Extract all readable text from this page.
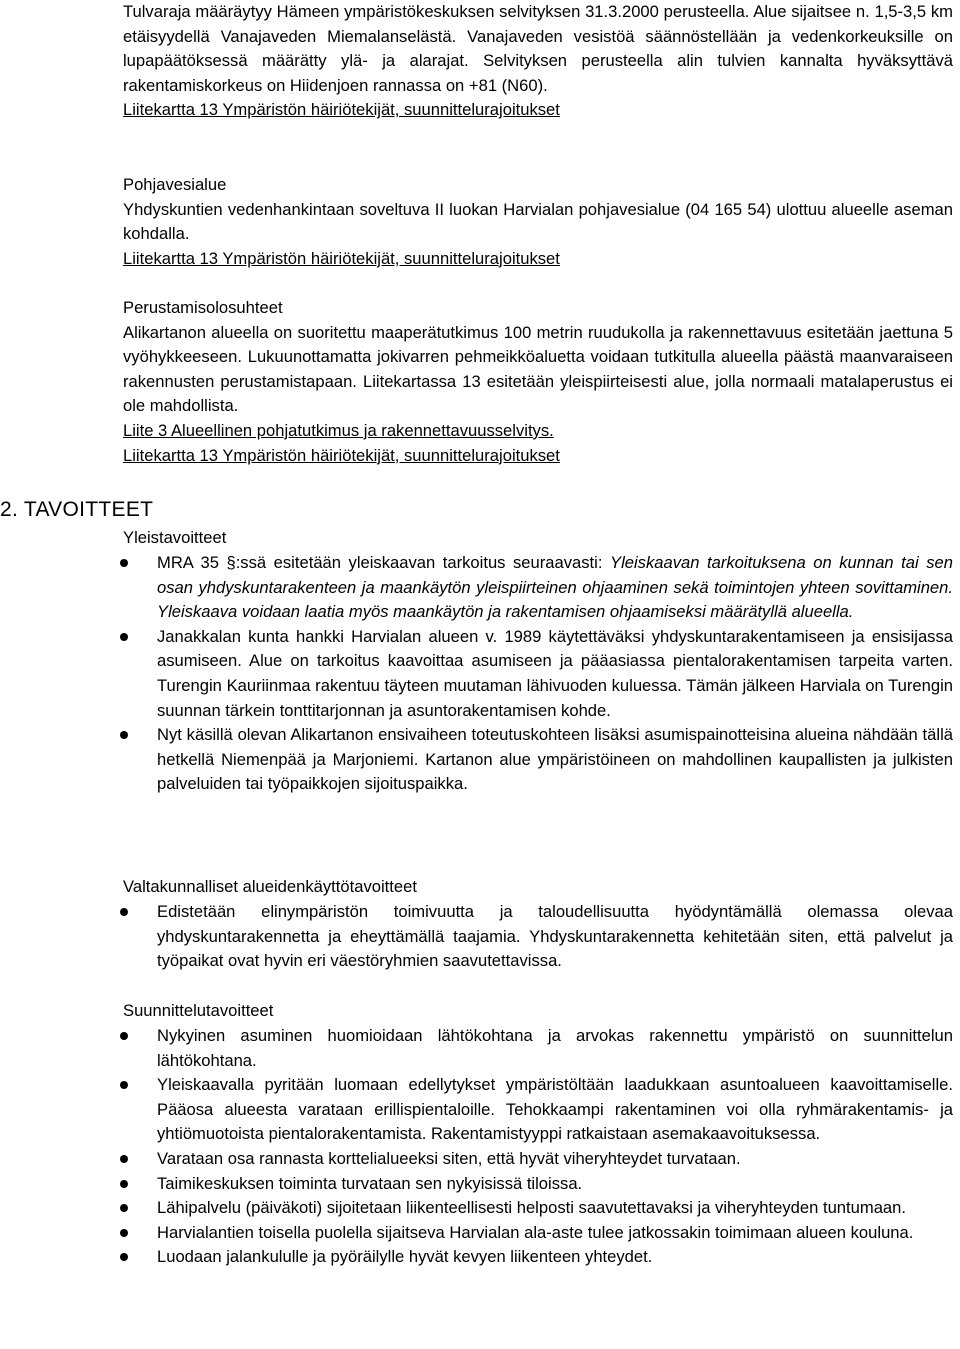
Tulvaraja määräytyy Hämeen ympäristökeskuksen selvityksen 31.3.2000 perusteella. Alue sijaitsee n. 1,5-3,5 km etäisyydellä Vanajaveden Miemalanselästä. Vanajaveden vesistöä säännöstellään ja vedenkorkeuksille on lupapäätöksessä määrätty ylä- ja alarajat. Selvityksen perusteella alin tulvien kannalta hyväksyttävä rakentamiskorkeus on Hiidenjoen rannassa on +81 (N60).

Liitekartta 13 Ympäristön häiriötekijät, suunnittelurajoitukset

Pohjavesialue

Yhdyskuntien vedenhankintaan soveltuva II luokan Harvialan pohjavesialue (04 165 54) ulottuu alueelle aseman kohdalla.

Liitekartta 13 Ympäristön häiriötekijät, suunnittelurajoitukset

Perustamisolosuhteet

Alikartanon alueella on suoritettu maaperätutkimus 100 metrin ruudukolla ja rakennettavuus esitetään jaettuna 5 vyöhykkeeseen. Lukuunottamatta jokivarren pehmeikköaluetta voidaan tutkitulla alueella päästä maanvaraiseen rakennusten perustamistapaan. Liitekartassa 13 esitetään yleispiirteisesti alue, jolla normaali matalaperustus ei ole mahdollista.

Liite 3 Alueellinen pohjatutkimus ja rakennettavuusselvitys.

Liitekartta 13 Ympäristön häiriötekijät, suunnittelurajoitukset

2. TAVOITTEET
Yleistavoitteet
MRA 35 §:ssä esitetään yleiskaavan tarkoitus seuraavasti: Yleiskaavan tarkoituksena on kunnan tai sen osan yhdyskuntarakenteen ja maankäytön yleispiirteinen ohjaaminen sekä toimintojen yhteen sovittaminen. Yleiskaava voidaan laatia myös maankäytön ja rakentamisen ohjaamiseksi määrätyllä alueella.
Janakkalan kunta hankki Harvialan alueen v. 1989 käytettäväksi yhdyskuntarakentamiseen ja ensisijassa asumiseen. Alue on tarkoitus kaavoittaa asumiseen ja pääasiassa pientalorakentamisen tarpeita varten. Turengin Kauriinmaa rakentuu täyteen muutaman lähivuoden kuluessa. Tämän jälkeen Harviala on Turengin suunnan tärkein tonttitarjonnan ja asuntorakentamisen kohde.
Nyt käsillä olevan Alikartanon ensivaiheen toteutuskohteen lisäksi asumispainotteisina alueina nähdään tällä hetkellä Niemenpää ja Marjoniemi. Kartanon alue ympäristöineen on mahdollinen kaupallisten ja julkisten palveluiden tai työpaikkojen sijoituspaikka.
Valtakunnalliset alueidenkäyttötavoitteet
Edistetään elinympäristön toimivuutta ja taloudellisuutta hyödyntämällä olemassa olevaa yhdyskuntarakennetta ja eheyttämällä taajamia. Yhdyskuntarakennetta kehitetään siten, että palvelut ja työpaikat ovat hyvin eri väestöryhmien saavutettavissa.
Suunnittelutavoitteet
Nykyinen asuminen huomioidaan lähtökohtana ja arvokas rakennettu ympäristö on suunnittelun lähtökohtana.
Yleiskaavalla pyritään luomaan edellytykset ympäristöltään laadukkaan asuntoalueen kaavoittamiselle. Pääosa alueesta varataan erillispientaloille. Tehokkaampi rakentaminen voi olla ryhmärakentamis- ja yhtiömuotoista pientalorakentamista. Rakentamistyyppi ratkaistaan asemakaavoituksessa.
Varataan osa rannasta korttelialueeksi siten, että hyvät viheryhteydet turvataan.
Taimikeskuksen toiminta turvataan sen nykyisissä tiloissa.
Lähipalvelu (päiväkoti) sijoitetaan liikenteellisesti helposti saavutettavaksi ja viheryhteyden tuntumaan.
Harvialantien toisella puolella sijaitseva Harvialan ala-aste tulee jatkossakin toimimaan alueen kouluna.
Luodaan jalankululle ja pyöräilylle hyvät kevyen liikenteen yhteydet.
